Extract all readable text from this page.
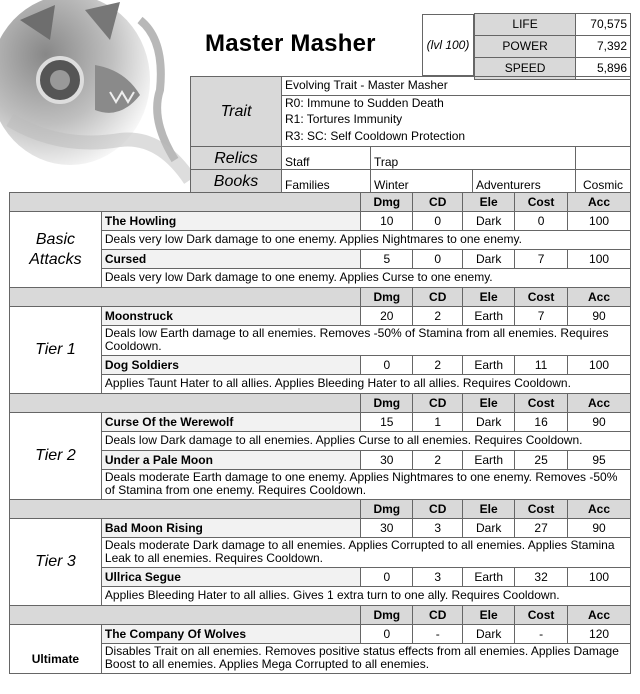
Master Masher	(lvl 100)
LIFE	70,575
POWER	7,392
SPEED	5,896
Trait	Evolving Trait - Master Masher			
	R0: Immune to Sudden Death			
	R1: Tortures Immunity			
	R3: SC: Self Cooldown Protection			
Relics	Staff	Trap		
Books	Families	Winter	Adventurers	Cosmic
		Dmg	CD	Ele	Cost	Acc
Basic Attacks	The Howling	10	0	Dark	0	100
	Deals very low Dark damage to one enemy. Applies Nightmares to one enemy.					
	Cursed	5	0	Dark	7	100
	Deals very low Dark damage to one enemy. Applies Curse to one enemy.					
		Dmg	CD	Ele	Cost	Acc
Tier 1	Moonstruck	20	2	Earth	7	90
	Deals low Earth damage to all enemies. Removes -50% of Stamina from all enemies. Requires Cooldown.					
	Dog Soldiers	0	2	Earth	11	100
	Applies Taunt Hater to all allies. Applies Bleeding Hater to all allies. Requires Cooldown.					
		Dmg	CD	Ele	Cost	Acc
Tier 2	Curse Of the Werewolf	15	1	Dark	16	90
	Deals low Dark damage to all enemies. Applies Curse to all enemies. Requires Cooldown.					
	Under a Pale Moon	30	2	Earth	25	95
	Deals moderate Earth damage to one enemy. Applies Nightmares to one enemy. Removes -50% of Stamina from one enemy. Requires Cooldown.					
		Dmg	CD	Ele	Cost	Acc
Tier 3	Bad Moon Rising	30	3	Dark	27	90
	Deals moderate Dark damage to all enemies. Applies Corrupted to all enemies. Applies Stamina Leak to all enemies. Requires Cooldown.					
	Ullrica Segue	0	3	Earth	32	100
	Applies Bleeding Hater to all allies. Gives 1 extra turn to one ally. Requires Cooldown.					
		Dmg	CD	Ele	Cost	Acc
Ultimate	The Company Of Wolves	0	-	Dark	-	120
	Disables Trait on all enemies. Removes positive status effects from all enemies. Applies Damage Boost to all enemies. Applies Mega Corrupted to all enemies.					
